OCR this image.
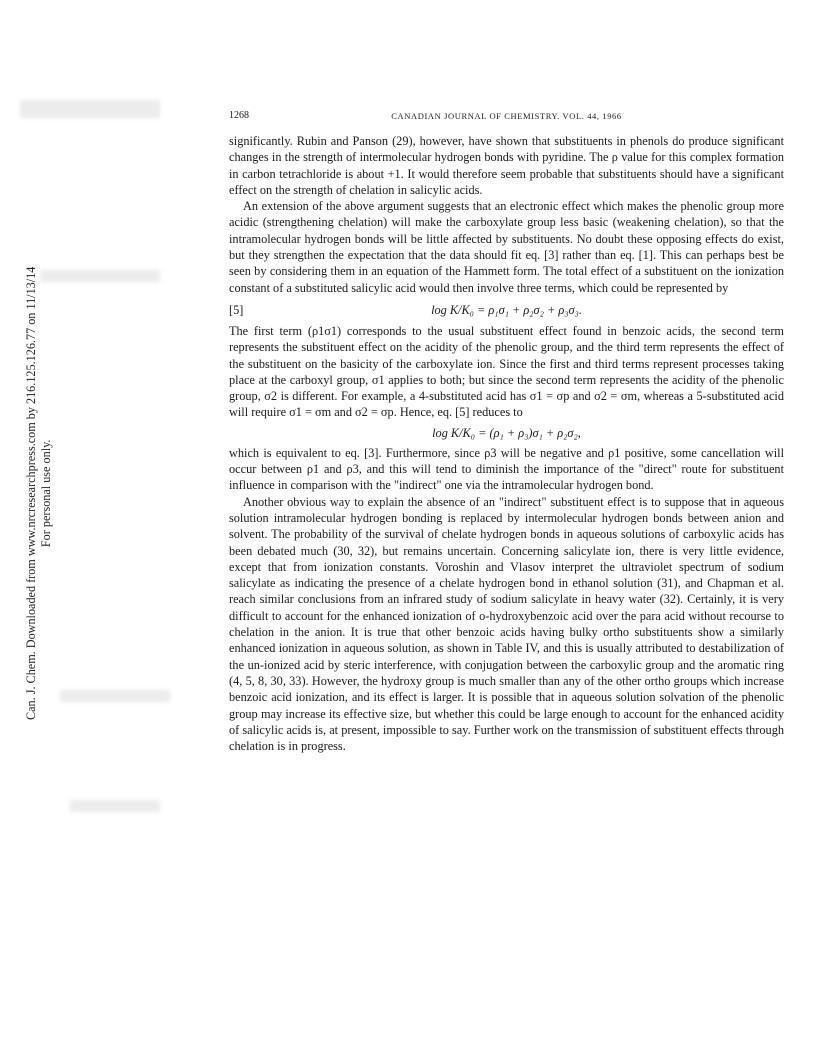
Can. J. Chem. Downloaded from www.nrcresearchpress.com by 216.125.126.77 on 11/13/14 For personal use only.
1268	CANADIAN JOURNAL OF CHEMISTRY. VOL. 44, 1966

significantly. Rubin and Panson (29), however, have shown that substituents in phenols do produce significant changes in the strength of intermolecular hydrogen bonds with pyridine. The ρ value for this complex formation in carbon tetrachloride is about +1. It would therefore seem probable that substituents should have a significant effect on the strength of chelation in salicylic acids.

An extension of the above argument suggests that an electronic effect which makes the phenolic group more acidic (strengthening chelation) will make the carboxylate group less basic (weakening chelation), so that the intramolecular hydrogen bonds will be little affected by substituents. No doubt these opposing effects do exist, but they strengthen the expectation that the data should fit eq. [3] rather than eq. [1]. This can perhaps best be seen by considering them in an equation of the Hammett form. The total effect of a substituent on the ionization constant of a substituted salicylic acid would then involve three terms, which could be represented by

[5]	log K/K₀ = ρ₁σ₁ + ρ₂σ₂ + ρ₃σ₃.

The first term (ρ1σ1) corresponds to the usual substituent effect found in benzoic acids, the second term represents the substituent effect on the acidity of the phenolic group, and the third term represents the effect of the substituent on the basicity of the carboxylate ion. Since the first and third terms represent processes taking place at the carboxyl group, σ1 applies to both; but since the second term represents the acidity of the phenolic group, σ2 is different. For example, a 4-substituted acid has σ1 = σp and σ2 = σm, whereas a 5-substituted acid will require σ1 = σm and σ2 = σp. Hence, eq. [5] reduces to

log K/K₀ = (ρ₁ + ρ₃)σ₁ + ρ₂σ₂,

which is equivalent to eq. [3]. Furthermore, since ρ3 will be negative and ρ1 positive, some cancellation will occur between ρ1 and ρ3, and this will tend to diminish the importance of the "direct" route for substituent influence in comparison with the "indirect" one via the intramolecular hydrogen bond.

Another obvious way to explain the absence of an "indirect" substituent effect is to suppose that in aqueous solution intramolecular hydrogen bonding is replaced by intermolecular hydrogen bonds between anion and solvent. The probability of the survival of chelate hydrogen bonds in aqueous solutions of carboxylic acids has been debated much (30, 32), but remains uncertain. Concerning salicylate ion, there is very little evidence, except that from ionization constants. Voroshin and Vlasov interpret the ultraviolet spectrum of sodium salicylate as indicating the presence of a chelate hydrogen bond in ethanol solution (31), and Chapman et al. reach similar conclusions from an infrared study of sodium salicylate in heavy water (32). Certainly, it is very difficult to account for the enhanced ionization of o-hydroxybenzoic acid over the para acid without recourse to chelation in the anion. It is true that other benzoic acids having bulky ortho substituents show a similarly enhanced ionization in aqueous solution, as shown in Table IV, and this is usually attributed to destabilization of the un-ionized acid by steric interference, with conjugation between the carboxylic group and the aromatic ring (4, 5, 8, 30, 33). However, the hydroxy group is much smaller than any of the other ortho groups which increase benzoic acid ionization, and its effect is larger. It is possible that in aqueous solution solvation of the phenolic group may increase its effective size, but whether this could be large enough to account for the enhanced acidity of salicylic acids is, at present, impossible to say. Further work on the transmission of substituent effects through chelation is in progress.
